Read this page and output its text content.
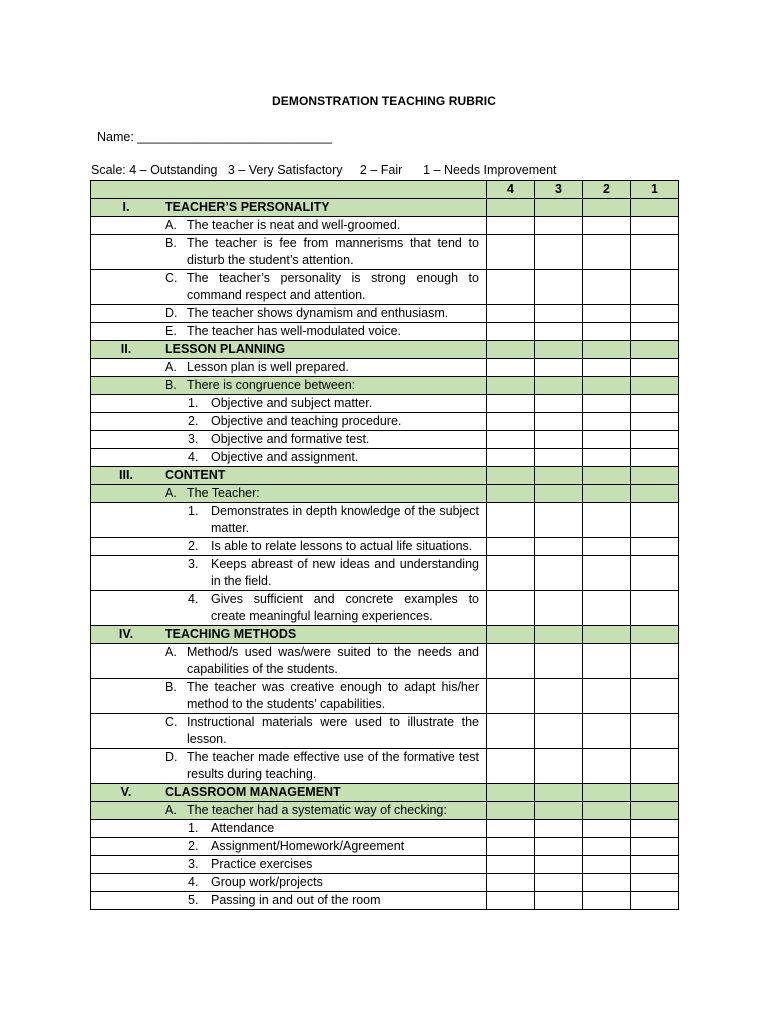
DEMONSTRATION TEACHING RUBRIC
Name: ____________________________
Scale: 4 – Outstanding   3 – Very Satisfactory     2 – Fair      1 – Needs Improvement
	4	3	2	1

I. TEACHER’S PERSONALITY				

A. The teacher is neat and well-groomed.				

B. The teacher is fee from mannerisms that tend to disturb the student’s attention.				

C. The teacher’s personality is strong enough to command respect and attention.				

D. The teacher shows dynamism and enthusiasm.				

E. The teacher has well-modulated voice.				

II. LESSON PLANNING				

A. Lesson plan is well prepared.				

B. There is congruence between:				

1. Objective and subject matter.				

2. Objective and teaching procedure.				

3. Objective and formative test.				

4. Objective and assignment.				

III. CONTENT				

A. The Teacher:				

1. Demonstrates in depth knowledge of the subject matter.				

2. Is able to relate lessons to actual life situations.				

3. Keeps abreast of new ideas and understanding in the field.				

4. Gives sufficient and concrete examples to create meaningful learning experiences.				

IV. TEACHING METHODS				

A. Method/s used was/were suited to the needs and capabilities of the students.				

B. The teacher was creative enough to adapt his/her method to the students’ capabilities.				

C. Instructional materials were used to illustrate the lesson.				

D. The teacher made effective use of the formative test results during teaching.				

V. CLASSROOM MANAGEMENT				

A. The teacher had a systematic way of checking:				

1. Attendance				

2. Assignment/Homework/Agreement				

3. Practice exercises				

4. Group work/projects				

5. Passing in and out of the room				
